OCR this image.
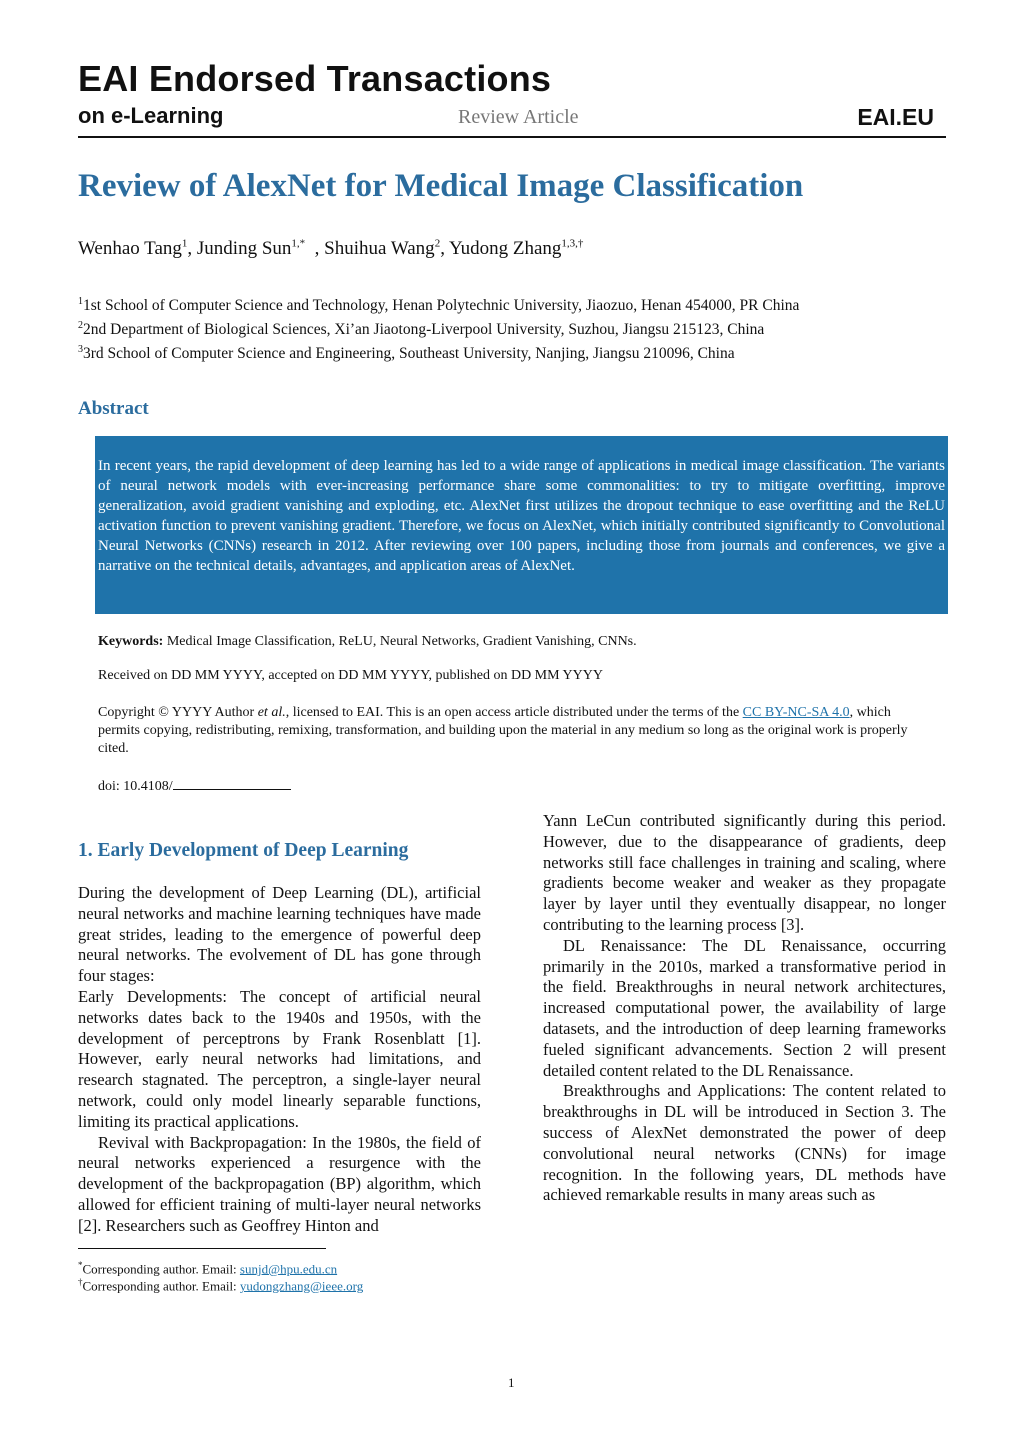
EAI Endorsed Transactions
on e-Learning	Review Article	EAI.EU
Review of AlexNet for Medical Image Classification
Wenhao Tang$^1$, Junding Sun$^{1,*}$  , Shuihua Wang$^2$, Yudong Zhang$^{1,3,\dagger}$
$^1$1st School of Computer Science and Technology, Henan Polytechnic University, Jiaozuo, Henan 454000, PR China
$^2$2nd Department of Biological Sciences, Xi’an Jiaotong-Liverpool University, Suzhou, Jiangsu 215123, China
$^3$3rd School of Computer Science and Engineering, Southeast University, Nanjing, Jiangsu 210096, China
Abstract

In recent years, the rapid development of deep learning has led to a wide range of applications in medical image classification. The variants of neural network models with ever-increasing performance share some commonalities: to try to mitigate overfitting, improve generalization, avoid gradient vanishing and exploding, etc. AlexNet first utilizes the dropout technique to ease overfitting and the ReLU activation function to prevent vanishing gradient. Therefore, we focus on AlexNet, which initially contributed significantly to Convolutional Neural Networks (CNNs) research in 2012. After reviewing over 100 papers, including those from journals and conferences, we give a narrative on the technical details, advantages, and application areas of AlexNet.

Keywords: Medical Image Classification, ReLU, Neural Networks, Gradient Vanishing, CNNs.
Received on DD MM YYYY, accepted on DD MM YYYY, published on DD MM YYYY
Copyright © YYYY Author et al., licensed to EAI. This is an open access article distributed under the terms of the CC BY-NC-SA 4.0, which permits copying, redistributing, remixing, transformation, and building upon the material in any medium so long as the original work is properly cited.
doi: 10.4108/
1. Early Development of Deep Learning

During the development of Deep Learning (DL), artificial neural networks and machine learning techniques have made great strides, leading to the emergence of powerful deep neural networks. The evolvement of DL has gone through four stages:

Early Developments: The concept of artificial neural networks dates back to the 1940s and 1950s, with the development of perceptrons by Frank Rosenblatt [1]. However, early neural networks had limitations, and research stagnated. The perceptron, a single-layer neural network, could only model linearly separable functions, limiting its practical applications.

Revival with Backpropagation: In the 1980s, the field of neural networks experienced a resurgence with the development of the backpropagation (BP) algorithm, which allowed for efficient training of multi-layer neural networks [2]. Researchers such as Geoffrey Hinton and

Yann LeCun contributed significantly during this period. However, due to the disappearance of gradients, deep networks still face challenges in training and scaling, where gradients become weaker and weaker as they propagate layer by layer until they eventually disappear, no longer contributing to the learning process [3].

DL Renaissance: The DL Renaissance, occurring primarily in the 2010s, marked a transformative period in the field. Breakthroughs in neural network architectures, increased computational power, the availability of large datasets, and the introduction of deep learning frameworks fueled significant advancements. Section 2 will present detailed content related to the DL Renaissance.

Breakthroughs and Applications: The content related to breakthroughs in DL will be introduced in Section 3. The success of AlexNet demonstrated the power of deep convolutional neural networks (CNNs) for image recognition. In the following years, DL methods have achieved remarkable results in many areas such as

*Corresponding author. Email: sunjd@hpu.edu.cn
†Corresponding author. Email: yudongzhang@ieee.org
1
